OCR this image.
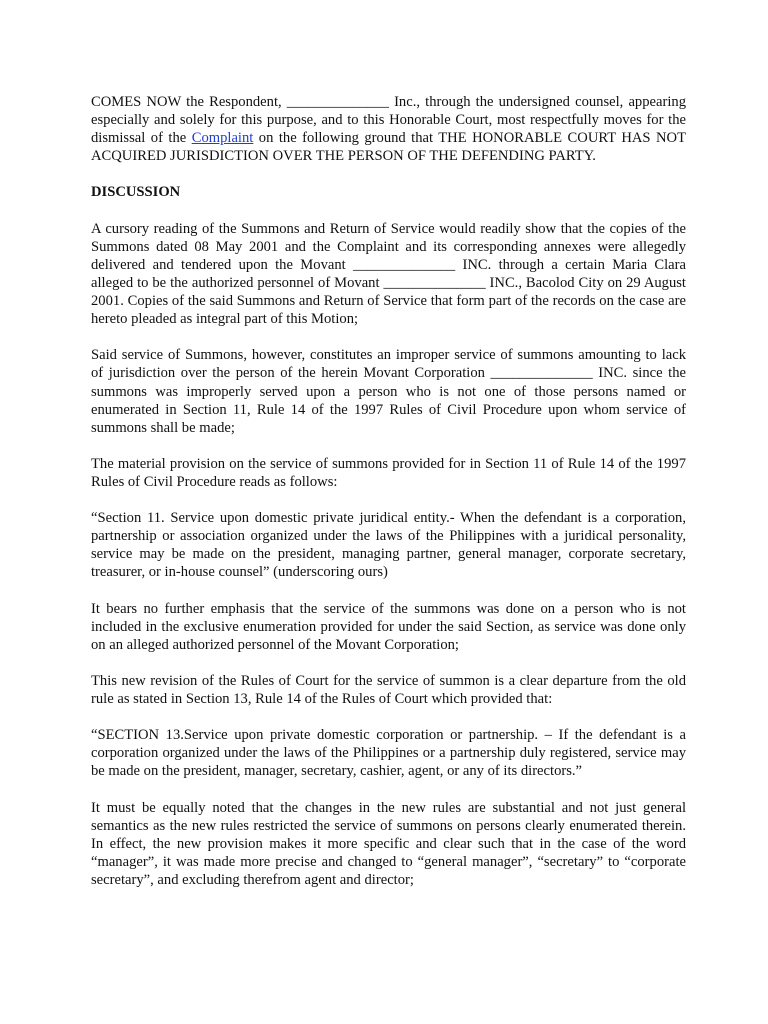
COMES NOW the Respondent, ______________ Inc., through the undersigned counsel, appearing especially and solely for this purpose, and to this Honorable Court, most respectfully moves for the dismissal of the Complaint on the following ground that THE HONORABLE COURT HAS NOT ACQUIRED JURISDICTION OVER THE PERSON OF THE DEFENDING PARTY.

DISCUSSION

A cursory reading of the Summons and Return of Service would readily show that the copies of the Summons dated 08 May 2001 and the Complaint and its corresponding annexes were allegedly delivered and tendered upon the Movant ______________ INC. through a certain Maria Clara alleged to be the authorized personnel of Movant ______________ INC., Bacolod City on 29 August 2001. Copies of the said Summons and Return of Service that form part of the records on the case are hereto pleaded as integral part of this Motion;

Said service of Summons, however, constitutes an improper service of summons amounting to lack of jurisdiction over the person of the herein Movant Corporation ______________ INC. since the summons was improperly served upon a person who is not one of those persons named or enumerated in Section 11, Rule 14 of the 1997 Rules of Civil Procedure upon whom service of summons shall be made;

The material provision on the service of summons provided for in Section 11 of Rule 14 of the 1997 Rules of Civil Procedure reads as follows:

“Section 11. Service upon domestic private juridical entity.- When the defendant is a corporation, partnership or association organized under the laws of the Philippines with a juridical personality, service may be made on the president, managing partner, general manager, corporate secretary, treasurer, or in-house counsel” (underscoring ours)

It bears no further emphasis that the service of the summons was done on a person who is not included in the exclusive enumeration provided for under the said Section, as service was done only on an alleged authorized personnel of the Movant Corporation;

This new revision of the Rules of Court for the service of summon is a clear departure from the old rule as stated in Section 13, Rule 14 of the Rules of Court which provided that:

“SECTION 13.Service upon private domestic corporation or partnership. – If the defendant is a corporation organized under the laws of the Philippines or a partnership duly registered, service may be made on the president, manager, secretary, cashier, agent, or any of its directors.”

It must be equally noted that the changes in the new rules are substantial and not just general semantics as the new rules restricted the service of summons on persons clearly enumerated therein. In effect, the new provision makes it more specific and clear such that in the case of the word “manager”, it was made more precise and changed to “general manager”, “secretary” to “corporate secretary”, and excluding therefrom agent and director;
